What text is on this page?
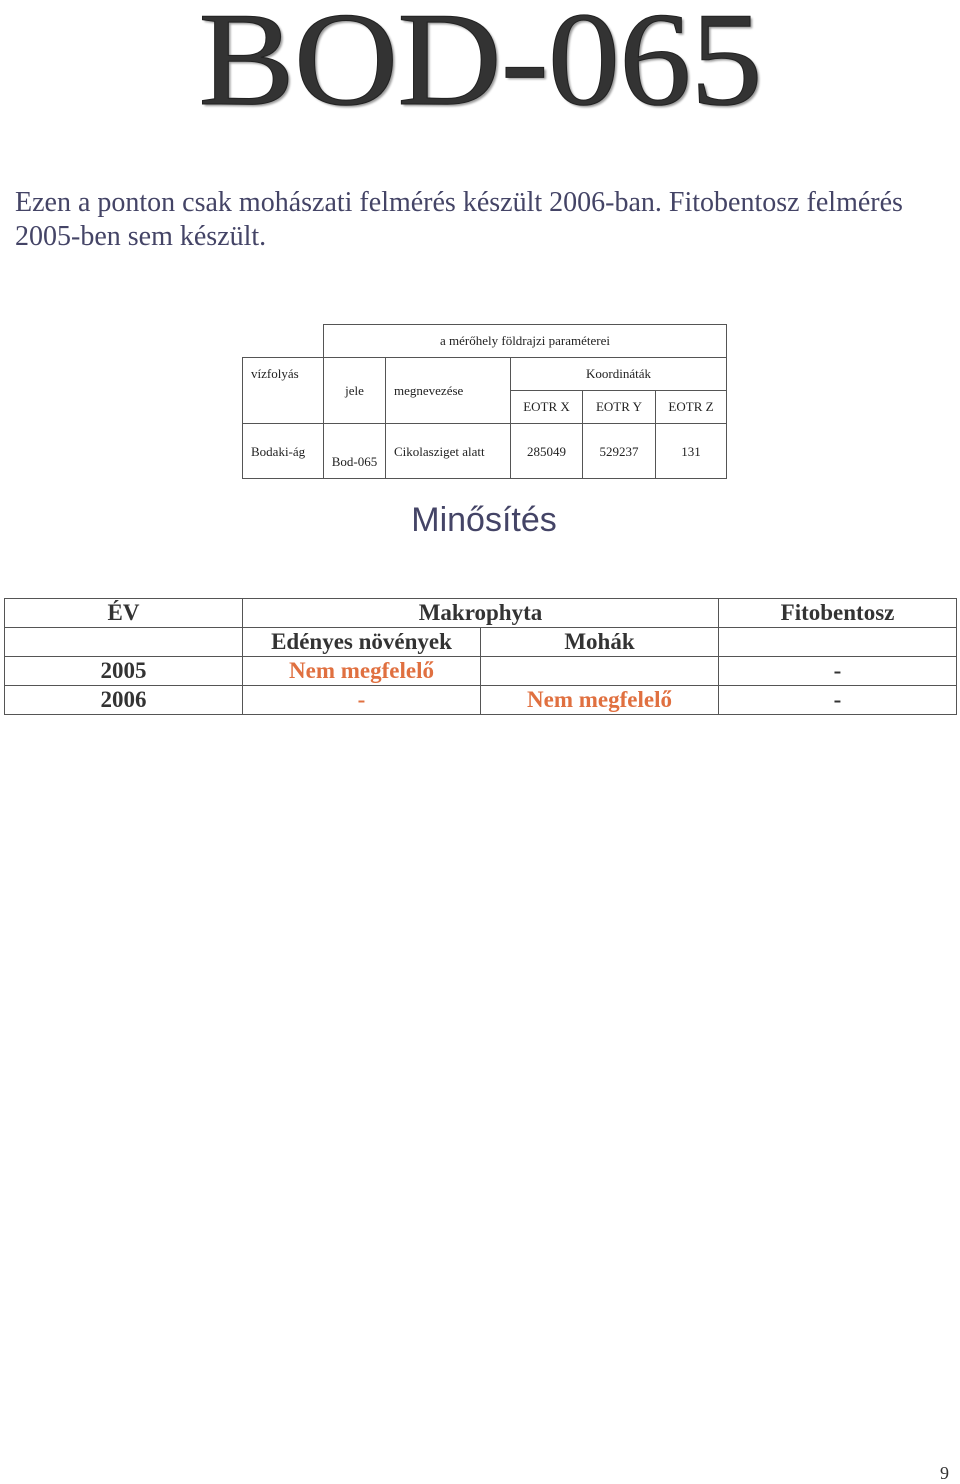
BOD-065
Ezen a ponton csak mohászati felmérés készült 2006-ban. Fitobentosz felmérés 2005-ben sem készült.
	a mérőhely földrajzi paraméterei				
vízfolyás	jele	megnevezése	Koordináták		
			EOTR X	EOTR Y	EOTR Z
Bodaki-ág	Bod-065	Cikolasziget alatt	285049	529237	131
Minősítés
ÉV	Makrophyta		Fitobentosz
	Edényes növények	Mohák	
2005	Nem megfelelő		-
2006	-	Nem megfelelő	-
9
